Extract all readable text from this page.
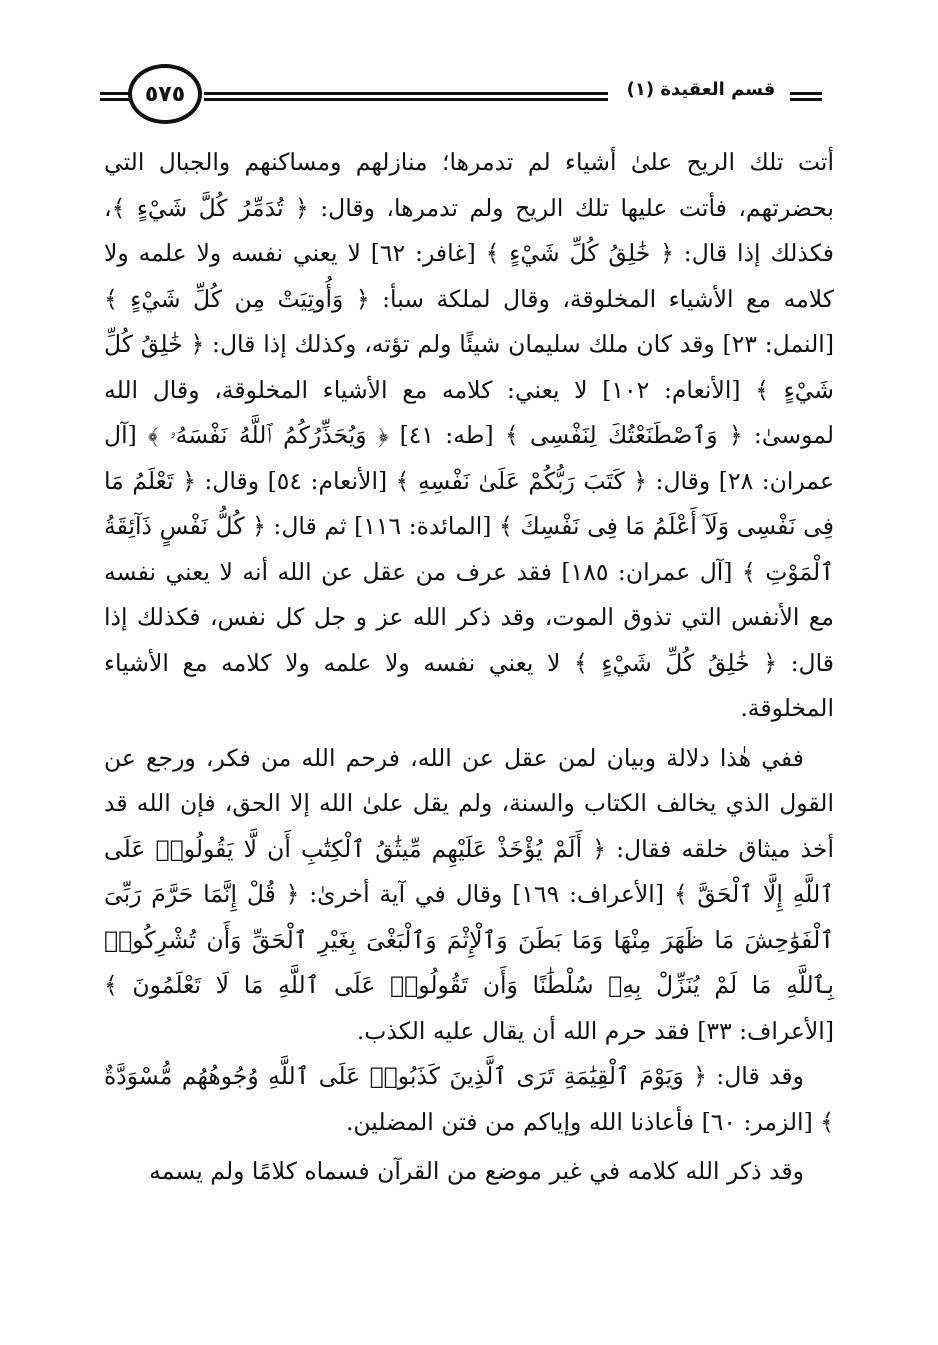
٥٧٥	قسم العقيدة (١)

أتت تلك الريح علىٰ أشياء لم تدمرها؛ منازلهم ومساكنهم والجبال التي بحضرتهم، فأتت عليها تلك الريح ولم تدمرها، وقال: ﴿ تُدَمِّرُ كُلَّ شَيْءٍ ﴾، فكذلك إذا قال: ﴿ خَٰلِقُ كُلِّ شَيْءٍ ﴾ [غافر: ٦٢] لا يعني نفسه ولا علمه ولا كلامه مع الأشياء المخلوقة، وقال لملكة سبأ: ﴿ وَأُوتِيَتْ مِن كُلِّ شَيْءٍ ﴾ [النمل: ٢٣] وقد كان ملك سليمان شيئًا ولم تؤته، وكذلك إذا قال: ﴿ خَٰلِقُ كُلِّ شَيْءٍ ﴾ [الأنعام: ١٠٢] لا يعني: كلامه مع الأشياء المخلوقة، وقال الله لموسىٰ: ﴿ وَٱصْطَنَعْتُكَ لِنَفْسِى ﴾ [طه: ٤١] ﴿ وَيُحَذِّرُكُمُ ٱللَّهُ نَفْسَهُۥ ﴾ [آل عمران: ٢٨] وقال: ﴿ كَتَبَ رَبُّكُمْ عَلَىٰ نَفْسِهِ ﴾ [الأنعام: ٥٤] وقال: ﴿ تَعْلَمُ مَا فِى نَفْسِى وَلَآ أَعْلَمُ مَا فِى نَفْسِكَ ﴾ [المائدة: ١١٦] ثم قال: ﴿ كُلُّ نَفْسٍ ذَآئِقَةُ ٱلْمَوْتِ ﴾ [آل عمران: ١٨٥] فقد عرف من عقل عن الله أنه لا يعني نفسه مع الأنفس التي تذوق الموت، وقد ذكر الله عز و جل كل نفس، فكذلك إذا قال: ﴿ خَٰلِقُ كُلِّ شَيْءٍ ﴾ لا يعني نفسه ولا علمه ولا كلامه مع الأشياء المخلوقة.

ففي هٰذا دلالة وبيان لمن عقل عن الله، فرحم الله من فكر، ورجع عن القول الذي يخالف الكتاب والسنة، ولم يقل علىٰ الله إلا الحق، فإن الله قد أخذ ميثاق خلقه فقال: ﴿ أَلَمْ يُؤْخَذْ عَلَيْهِم مِّيثَٰقُ ٱلْكِتَٰبِ أَن لَّا يَقُولُوا۟ عَلَى ٱللَّهِ إِلَّا ٱلْحَقَّ ﴾ [الأعراف: ١٦٩] وقال في آية أخرىٰ: ﴿ قُلْ إِنَّمَا حَرَّمَ رَبِّىَ ٱلْفَوَٰحِشَ مَا ظَهَرَ مِنْهَا وَمَا بَطَنَ وَٱلْإِثْمَ وَٱلْبَغْىَ بِغَيْرِ ٱلْحَقِّ وَأَن تُشْرِكُوا۟ بِٱللَّهِ مَا لَمْ يُنَزِّلْ بِهِۦ سُلْطَٰنًا وَأَن تَقُولُوا۟ عَلَى ٱللَّهِ مَا لَا تَعْلَمُونَ ﴾ [الأعراف: ٣٣] فقد حرم الله أن يقال عليه الكذب.

وقد قال: ﴿ وَيَوْمَ ٱلْقِيَٰمَةِ تَرَى ٱلَّذِينَ كَذَبُوا۟ عَلَى ٱللَّهِ وُجُوهُهُم مُّسْوَدَّةٌ ﴾ [الزمر: ٦٠] فأعاذنا الله وإياكم من فتن المضلين.

وقد ذكر الله كلامه في غير موضع من القرآن فسماه كلامًا ولم يسمه
